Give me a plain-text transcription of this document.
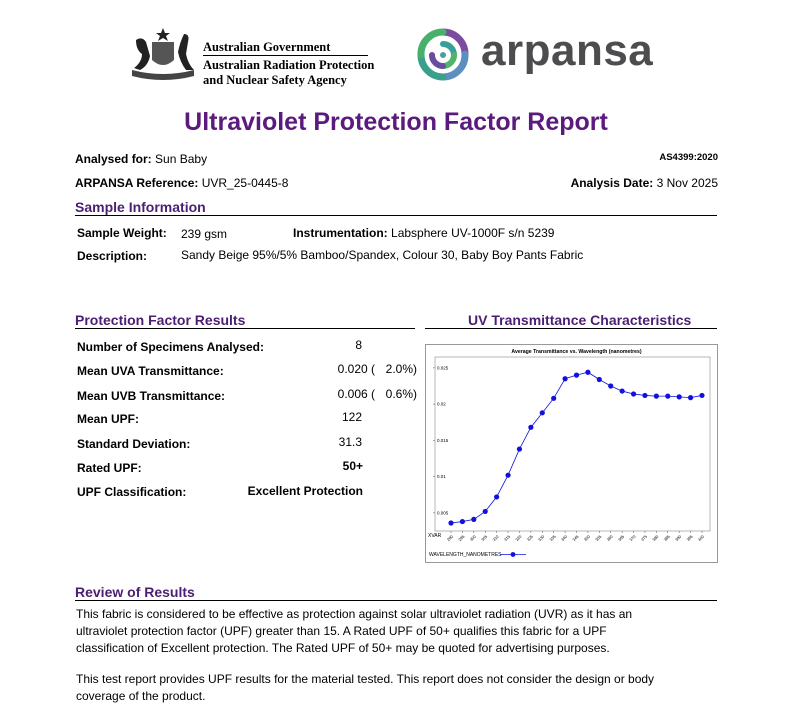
Australian Government
Australian Radiation Protection
and Nuclear Safety Agency
arpansa
Ultraviolet Protection Factor Report
Analysed for: Sun Baby	AS4399:2020
ARPANSA Reference: UVR_25-0445-8	Analysis Date: 3 Nov 2025
Sample Information
Sample Weight: 239 gsm	Instrumentation: Labsphere UV-1000F s/n 5239
Description:	Sandy Beige 95%/5% Bamboo/Spandex, Colour 30, Baby Boy Pants Fabric
Protection Factor Results
Number of Specimens Analysed:	8
Mean UVA Transmittance:	0.020 ( 2.0%)
Mean UVB Transmittance:	0.006 ( 0.6%)
Mean UPF:	122
Standard Deviation:	31.3
Rated UPF:	50+
UPF Classification:	Excellent Protection
UV Transmittance Characteristics
Average Transmittance vs. Wavelength (nanometres)
0.005
0.01
0.015
0.02
0.025
290 295 300 305 310 315 320 325 330 335 340 345 350 355 360 365 370 375 380 385 390 395 400
XVAR
WAVELENGTH_NANOMETRES
Review of Results
This fabric is considered to be effective as protection against solar ultraviolet radiation (UVR) as it has an
ultraviolet protection factor (UPF) greater than 15. A Rated UPF of 50+ qualifies this fabric for a UPF
classification of Excellent protection. The Rated UPF of 50+ may be quoted for advertising purposes.
This test report provides UPF results for the material tested. This report does not consider the design or body
coverage of the product.
